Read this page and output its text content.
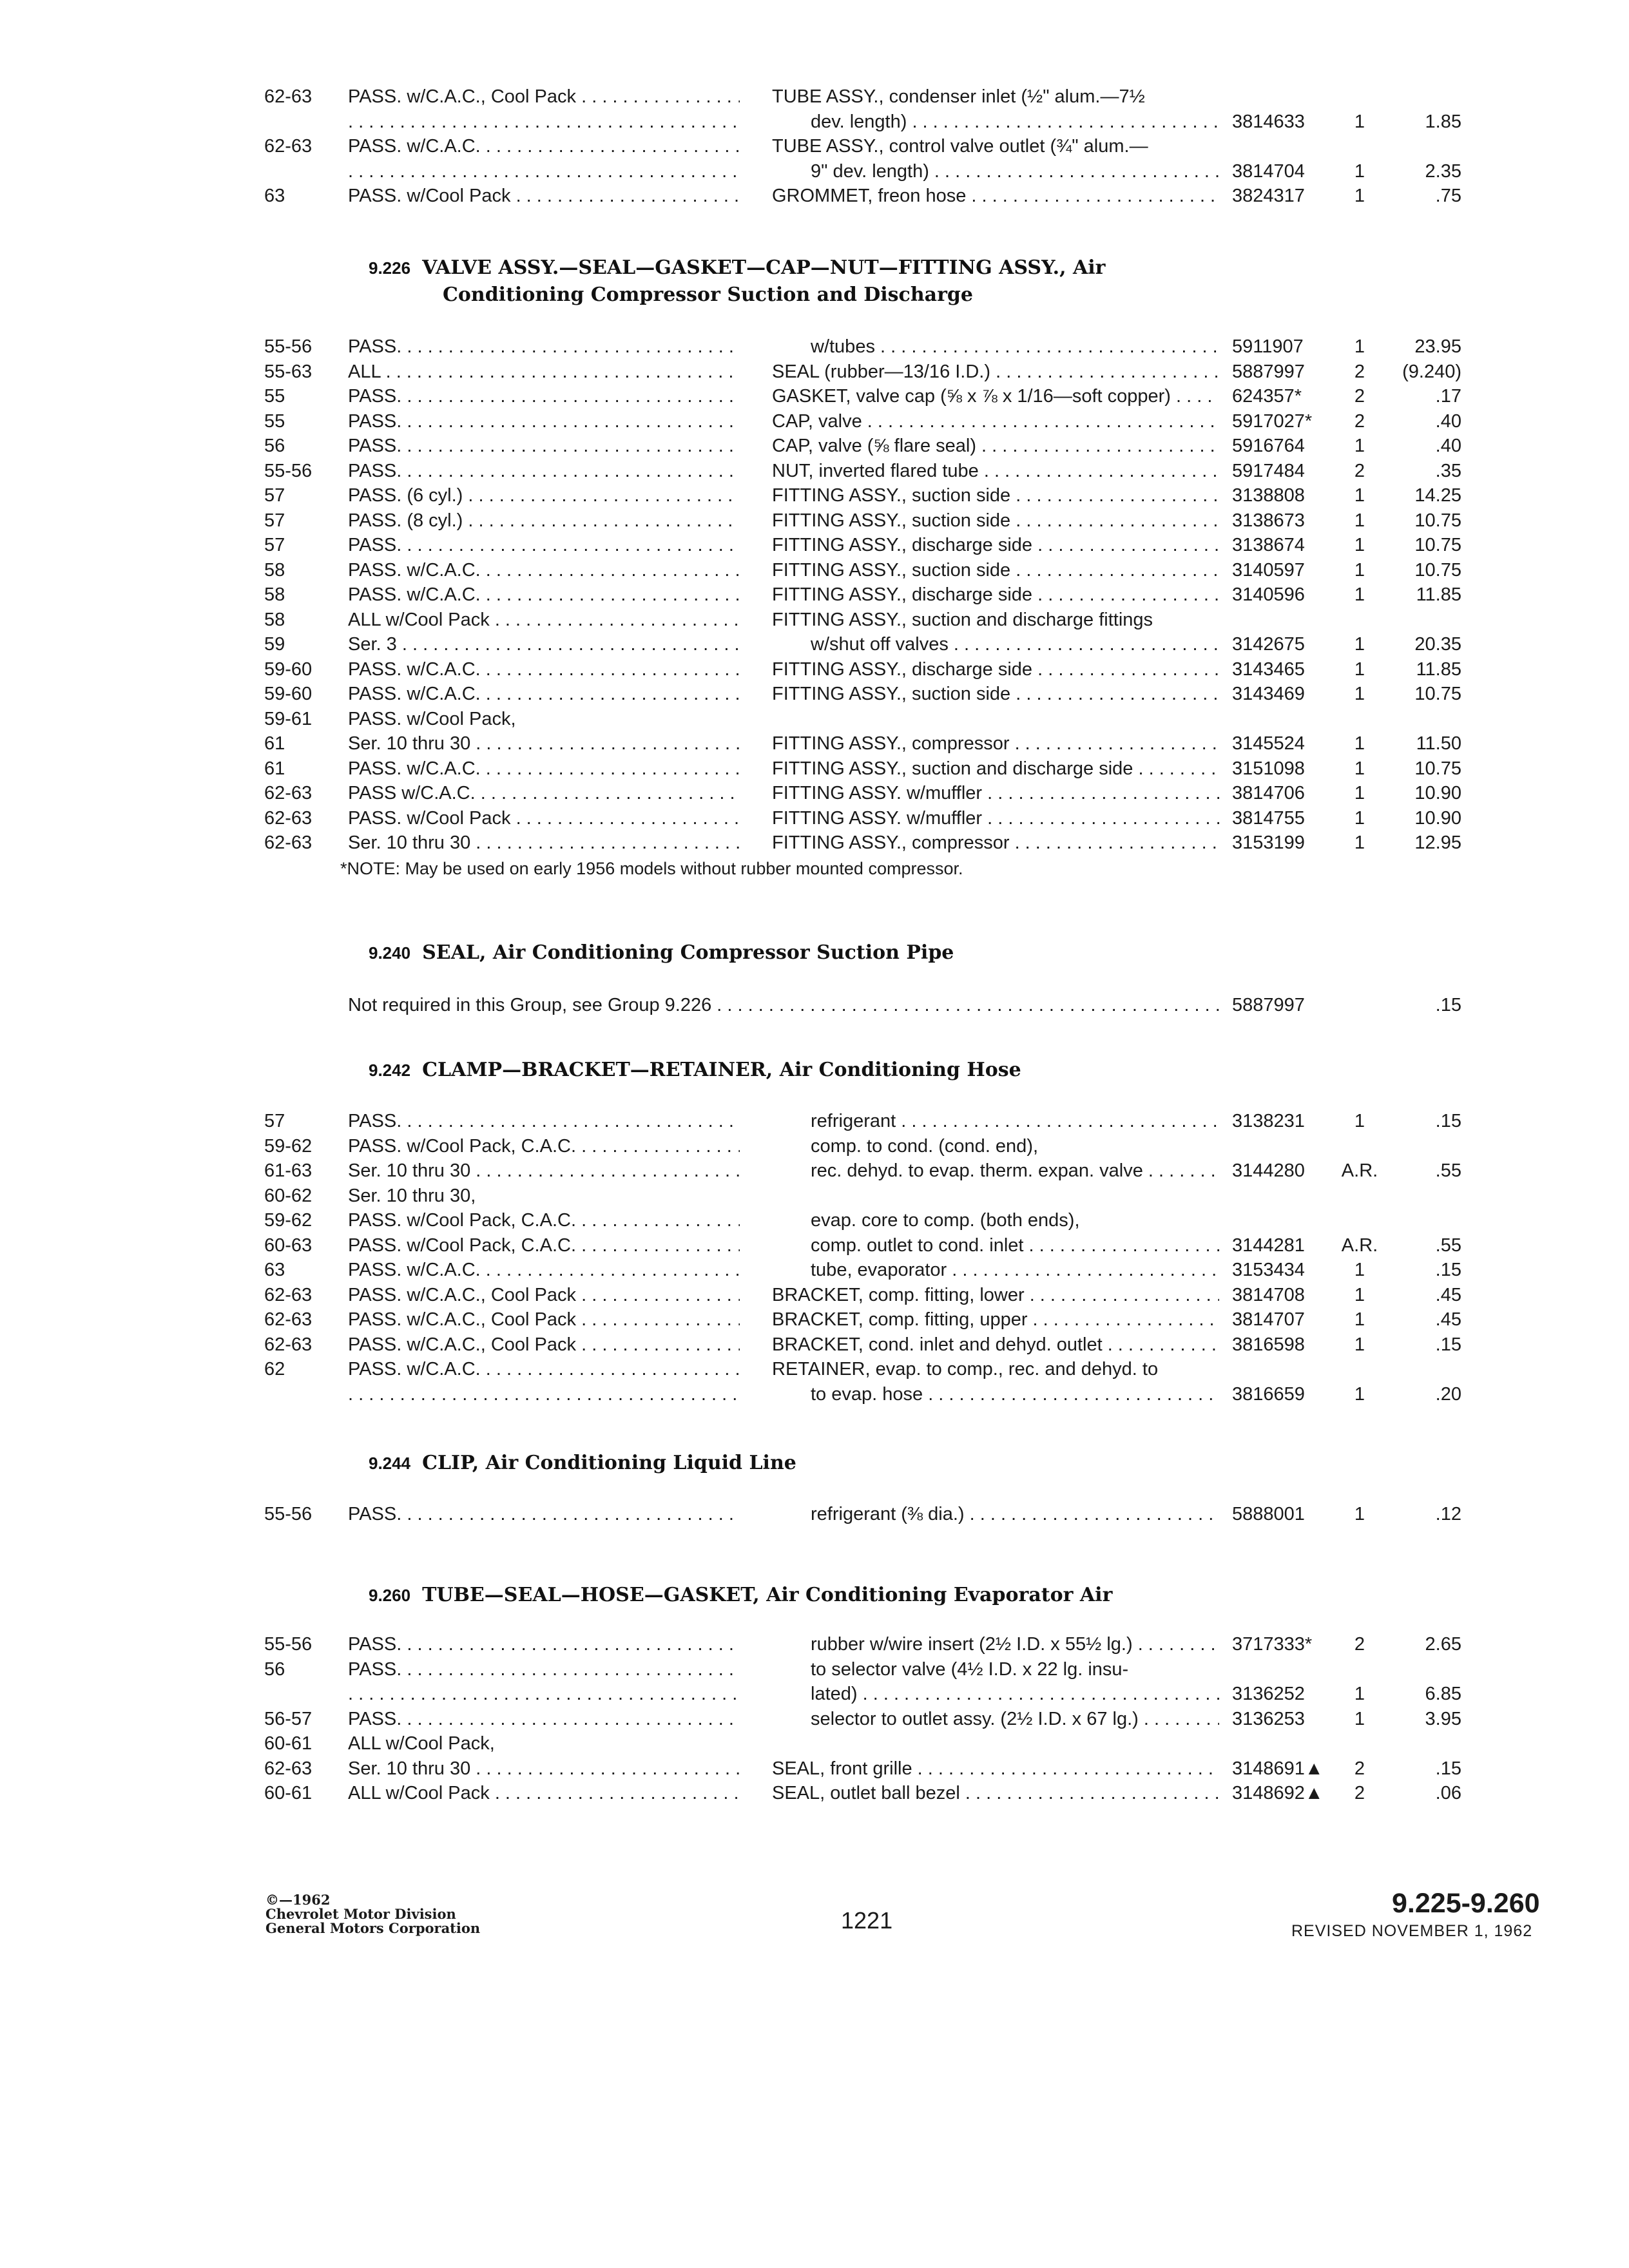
62-63 PASS. w/C.A.C., Cool Pack . . .	TUBE ASSY., condenser inlet (½" alum.—7½
. . .
dev. length) . . .	3814633	1	1.85
62-63 PASS. w/C.A.C. . . .	TUBE ASSY., control valve outlet (¾" alum.—
. . .
9" dev. length) . . .	3814704	1	2.35
63	PASS. w/Cool Pack . . .	GROMMET, freon hose . . .	3824317	1	.75
9.226 VALVE ASSY.—SEAL—GASKET—CAP—NUT—FITTING ASSY., Air
Conditioning Compressor Suction and Discharge
55-56 PASS. . . .	w/tubes . . .	5911907	1	23.95
55-63 ALL . . .	SEAL (rubber—13/16 I.D.) . . .	5887997	2	(9.240)
55	PASS. . . .	GASKET, valve cap (⅝ x ⅞ x 1/16—soft copper) . . .	624357*	2	.17
55	PASS. . . .	CAP, valve . . .	5917027*	2	.40
56	PASS. . . .	CAP, valve (⅝ flare seal) . . .	5916764	1	.40
55-56 PASS. . . .	NUT, inverted flared tube . . .	5917484	2	.35
57	PASS. (6 cyl.) . . .	FITTING ASSY., suction side . . .	3138808	1	14.25
57	PASS. (8 cyl.) . . .	FITTING ASSY., suction side . . .	3138673	1	10.75
57	PASS. . . .	FITTING ASSY., discharge side . . .	3138674	1	10.75
58	PASS. w/C.A.C. . . .	FITTING ASSY., suction side . . .	3140597	1	10.75
58	PASS. w/C.A.C. . . .	FITTING ASSY., discharge side . . .	3140596	1	11.85
58	ALL w/Cool Pack . . .	FITTING ASSY., suction and discharge fittings
59	Ser. 3 . . .	w/shut off valves . . .	3142675	1	20.35
59-60 PASS. w/C.A.C. . . .	FITTING ASSY., discharge side . . .	3143465	1	11.85
59-60 PASS. w/C.A.C. . . .	FITTING ASSY., suction side . . .	3143469	1	10.75
59-61 PASS. w/Cool Pack,
61	Ser. 10 thru 30 . . .	FITTING ASSY., compressor . . .	3145524	1	11.50
61	PASS. w/C.A.C. . . .	FITTING ASSY., suction and discharge side . . .	3151098	1	10.75
62-63 PASS w/C.A.C. . . .	FITTING ASSY. w/muffler . . .	3814706	1	10.90
62-63 PASS. w/Cool Pack . . .	FITTING ASSY. w/muffler . . .	3814755	1	10.90
62-63 Ser. 10 thru 30 . . .	FITTING ASSY., compressor . . .	3153199	1	12.95
*NOTE: May be used on early 1956 models without rubber mounted compressor.
9.240 SEAL, Air Conditioning Compressor Suction Pipe
Not required in this Group, see Group 9.226 . . .	5887997	.15
9.242 CLAMP—BRACKET—RETAINER, Air Conditioning Hose
57	PASS. . . .	refrigerant . . .	3138231	1	.15
59-62 PASS. w/Cool Pack, C.A.C. . . .	comp. to cond. (cond. end),
61-63 Ser. 10 thru 30 . . .	rec. dehyd. to evap. therm. expan. valve . . .	3144280	A.R.	.55
60-62 Ser. 10 thru 30,
59-62 PASS. w/Cool Pack, C.A.C. . . .	evap. core to comp. (both ends),
60-63 PASS. w/Cool Pack, C.A.C. . . .	comp. outlet to cond. inlet . . .	3144281	A.R.	.55
63	PASS. w/C.A.C. . . .	tube, evaporator . . .	3153434	1	.15
62-63 PASS. w/C.A.C., Cool Pack . . .	BRACKET, comp. fitting, lower . . .	3814708	1	.45
62-63 PASS. w/C.A.C., Cool Pack . . .	BRACKET, comp. fitting, upper . . .	3814707	1	.45
62-63 PASS. w/C.A.C., Cool Pack . . .	BRACKET, cond. inlet and dehyd. outlet . . .	3816598	1	.15
62	PASS. w/C.A.C. . . .	RETAINER, evap. to comp., rec. and dehyd. to
. . .
to evap. hose . . .	3816659	1	.20
9.244 CLIP, Air Conditioning Liquid Line
55-56 PASS. . . .	refrigerant (⅜ dia.) . . .	5888001	1	.12
9.260 TUBE—SEAL—HOSE—GASKET, Air Conditioning Evaporator Air
55-56 PASS. . . .	rubber w/wire insert (2½ I.D. x 55½ lg.) . . .	3717333*	2	2.65
56	PASS. . . .	to selector valve (4½ I.D. x 22 lg. insu-
. . .
lated) . . .	3136252	1	6.85
56-57 PASS. . . .	selector to outlet assy. (2½ I.D. x 67 lg.) . . .	3136253	1	3.95
60-61 ALL w/Cool Pack,
62-63 Ser. 10 thru 30 . . .	SEAL, front grille . . .	3148691▲	2	.15
60-61 ALL w/Cool Pack . . .	SEAL, outlet ball bezel . . .	3148692▲	2	.06
©—1962
Chevrolet Motor Division
General Motors Corporation	1221
9.225-9.260
REVISED NOVEMBER 1, 1962
